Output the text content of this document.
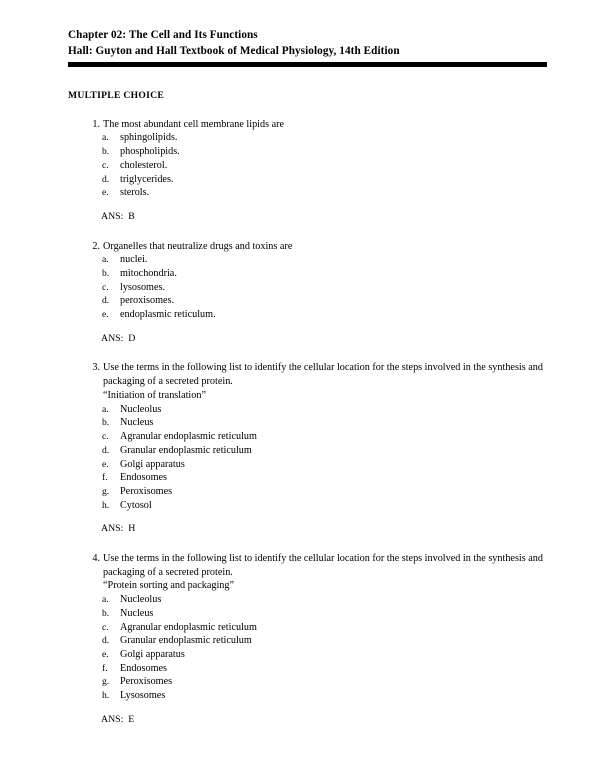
Chapter 02: The Cell and Its Functions
Hall: Guyton and Hall Textbook of Medical Physiology, 14th Edition
MULTIPLE CHOICE
1. The most abundant cell membrane lipids are
a.	sphingolipids.
b.	phospholipids.
c.	cholesterol.
d.	triglycerides.
e.	sterols.
ANS: B
2. Organelles that neutralize drugs and toxins are
a.	nuclei.
b.	mitochondria.
c.	lysosomes.
d.	peroxisomes.
e.	endoplasmic reticulum.
ANS: D
3. Use the terms in the following list to identify the cellular location for the steps involved in the synthesis and packaging of a secreted protein.
“Initiation of translation”
a.	Nucleolus
b.	Nucleus
c.	Agranular endoplasmic reticulum
d.	Granular endoplasmic reticulum
e.	Golgi apparatus
f.	Endosomes
g.	Peroxisomes
h.	Cytosol
ANS: H
4. Use the terms in the following list to identify the cellular location for the steps involved in the synthesis and packaging of a secreted protein.
“Protein sorting and packaging”
a.	Nucleolus
b.	Nucleus
c.	Agranular endoplasmic reticulum
d.	Granular endoplasmic reticulum
e.	Golgi apparatus
f.	Endosomes
g.	Peroxisomes
h.	Lysosomes
ANS: E
